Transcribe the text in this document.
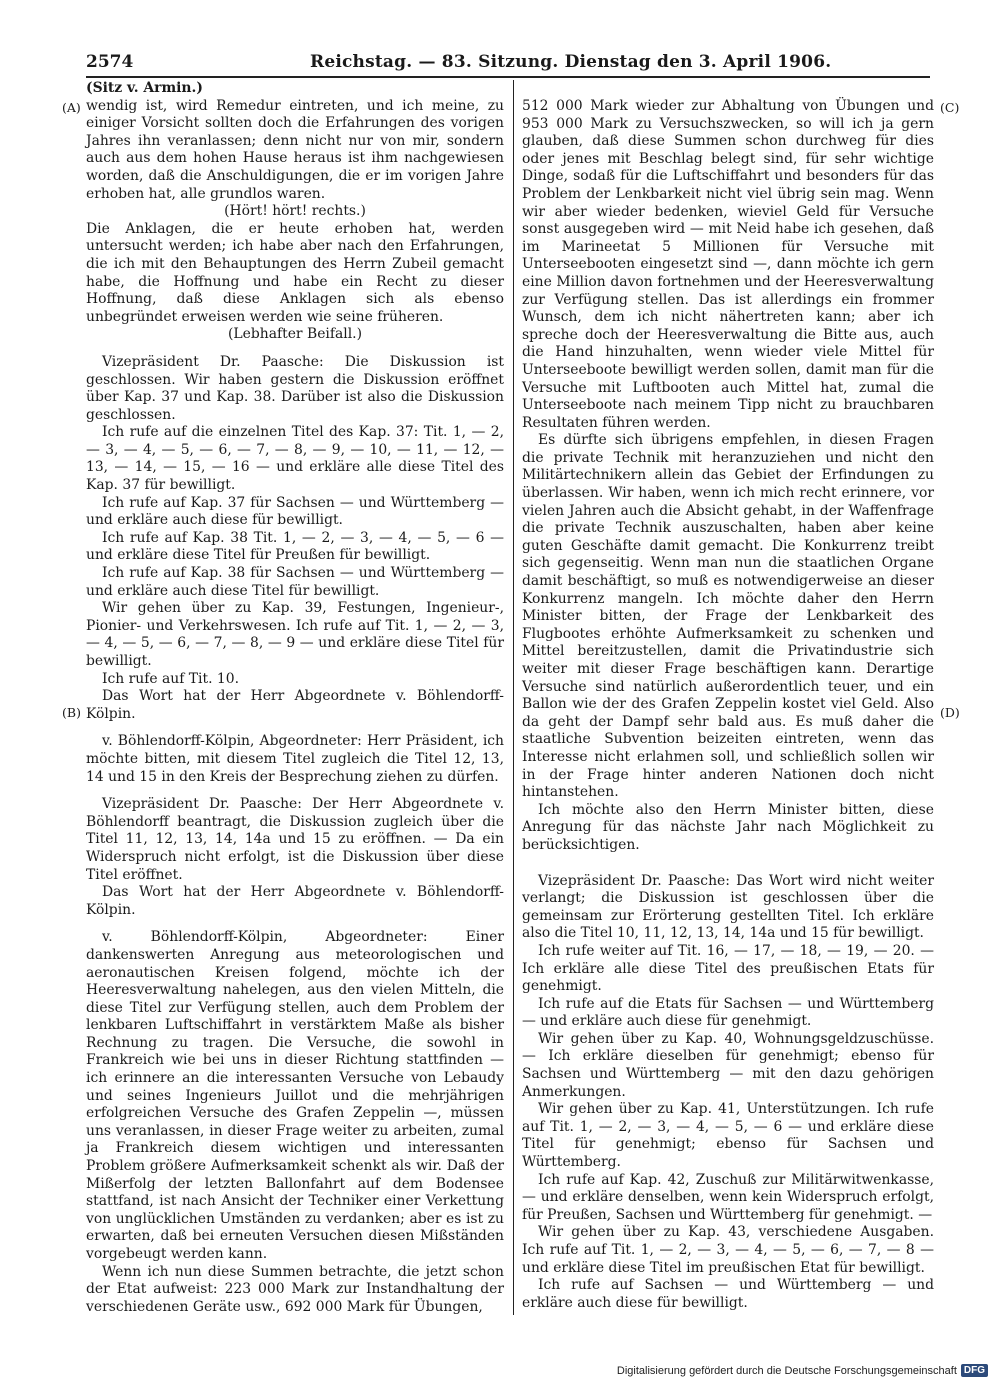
2574	Reichstag. — 83. Sitzung. Dienstag den 3. April 1906.
(A)
(B)
(C)
(D)

(Sitz v. Armin.)

wendig ist, wird Remedur eintreten, und ich meine, zu einiger Vorsicht sollten doch die Erfahrungen des vorigen Jahres ihn veranlassen; denn nicht nur von mir, sondern auch aus dem hohen Hause heraus ist ihm nachgewiesen worden, daß die Anschuldigungen, die er im vorigen Jahre erhoben hat, alle grundlos waren.

(Hört! hört! rechts.)

Die Anklagen, die er heute erhoben hat, werden untersucht werden; ich habe aber nach den Erfahrungen, die ich mit den Behauptungen des Herrn Zubeil gemacht habe, die Hoffnung und habe ein Recht zu dieser Hoffnung, daß diese Anklagen sich als ebenso unbegründet erweisen werden wie seine früheren.

(Lebhafter Beifall.)

Vizepräsident Dr. Paasche: Die Diskussion ist geschlossen. Wir haben gestern die Diskussion eröffnet über Kap. 37 und Kap. 38. Darüber ist also die Diskussion geschlossen.

Ich rufe auf die einzelnen Titel des Kap. 37: Tit. 1, — 2, — 3, — 4, — 5, — 6, — 7, — 8, — 9, — 10, — 11, — 12, — 13, — 14, — 15, — 16 — und erkläre alle diese Titel des Kap. 37 für bewilligt.

Ich rufe auf Kap. 37 für Sachsen — und Württemberg — und erkläre auch diese für bewilligt.

Ich rufe auf Kap. 38 Tit. 1, — 2, — 3, — 4, — 5, — 6 — und erkläre diese Titel für Preußen für bewilligt.

Ich rufe auf Kap. 38 für Sachsen — und Württemberg — und erkläre auch diese Titel für bewilligt.

Wir gehen über zu Kap. 39, Festungen, Ingenieur-, Pionier- und Verkehrswesen. Ich rufe auf Tit. 1, — 2, — 3, — 4, — 5, — 6, — 7, — 8, — 9 — und erkläre diese Titel für bewilligt.

Ich rufe auf Tit. 10.

Das Wort hat der Herr Abgeordnete v. Böhlendorff-Kölpin.

v. Böhlendorff-Kölpin, Abgeordneter: Herr Präsident, ich möchte bitten, mit diesem Titel zugleich die Titel 12, 13, 14 und 15 in den Kreis der Besprechung ziehen zu dürfen.

Vizepräsident Dr. Paasche: Der Herr Abgeordnete v. Böhlendorff beantragt, die Diskussion zugleich über die Titel 11, 12, 13, 14, 14a und 15 zu eröffnen. — Da ein Widerspruch nicht erfolgt, ist die Diskussion über diese Titel eröffnet.

Das Wort hat der Herr Abgeordnete v. Böhlendorff-Kölpin.

v. Böhlendorff-Kölpin, Abgeordneter: Einer dankenswerten Anregung aus meteorologischen und aeronautischen Kreisen folgend, möchte ich der Heeresverwaltung nahelegen, aus den vielen Mitteln, die diese Titel zur Verfügung stellen, auch dem Problem der lenkbaren Luftschiffahrt in verstärktem Maße als bisher Rechnung zu tragen. Die Versuche, die sowohl in Frankreich wie bei uns in dieser Richtung stattfinden — ich erinnere an die interessanten Versuche von Lebaudy und seines Ingenieurs Juillot und die mehrjährigen erfolgreichen Versuche des Grafen Zeppelin —, müssen uns veranlassen, in dieser Frage weiter zu arbeiten, zumal ja Frankreich diesem wichtigen und interessanten Problem größere Aufmerksamkeit schenkt als wir. Daß der Mißerfolg der letzten Ballonfahrt auf dem Bodensee stattfand, ist nach Ansicht der Techniker einer Verkettung von unglücklichen Umständen zu verdanken; aber es ist zu erwarten, daß bei erneuten Versuchen diesen Mißständen vorgebeugt werden kann.

Wenn ich nun diese Summen betrachte, die jetzt schon der Etat aufweist: 223 000 Mark zur Instandhaltung der verschiedenen Geräte usw., 692 000 Mark für Übungen,

512 000 Mark wieder zur Abhaltung von Übungen und 953 000 Mark zu Versuchszwecken, so will ich ja gern glauben, daß diese Summen schon durchweg für dies oder jenes mit Beschlag belegt sind, für sehr wichtige Dinge, sodaß für die Luftschiffahrt und besonders für das Problem der Lenkbarkeit nicht viel übrig sein mag. Wenn wir aber wieder bedenken, wieviel Geld für Versuche sonst ausgegeben wird — mit Neid habe ich gesehen, daß im Marineetat 5 Millionen für Versuche mit Unterseebooten eingesetzt sind —, dann möchte ich gern eine Million davon fortnehmen und der Heeresverwaltung zur Verfügung stellen. Das ist allerdings ein frommer Wunsch, dem ich nicht nähertreten kann; aber ich spreche doch der Heeresverwaltung die Bitte aus, auch die Hand hinzuhalten, wenn wieder viele Mittel für Unterseeboote bewilligt werden sollen, damit man für die Versuche mit Luftbooten auch Mittel hat, zumal die Unterseeboote nach meinem Tipp nicht zu brauchbaren Resultaten führen werden.

Es dürfte sich übrigens empfehlen, in diesen Fragen die private Technik mit heranzuziehen und nicht den Militärtechnikern allein das Gebiet der Erfindungen zu überlassen. Wir haben, wenn ich mich recht erinnere, vor vielen Jahren auch die Absicht gehabt, in der Waffenfrage die private Technik auszuschalten, haben aber keine guten Geschäfte damit gemacht. Die Konkurrenz treibt sich gegenseitig. Wenn man nun die staatlichen Organe damit beschäftigt, so muß es notwendigerweise an dieser Konkurrenz mangeln. Ich möchte daher den Herrn Minister bitten, der Frage der Lenkbarkeit des Flugbootes erhöhte Aufmerksamkeit zu schenken und Mittel bereitzustellen, damit die Privatindustrie sich weiter mit dieser Frage beschäftigen kann. Derartige Versuche sind natürlich außerordentlich teuer, und ein Ballon wie der des Grafen Zeppelin kostet viel Geld. Also da geht der Dampf sehr bald aus. Es muß daher die staatliche Subvention beizeiten eintreten, wenn das Interesse nicht erlahmen soll, und schließlich sollen wir in der Frage hinter anderen Nationen doch nicht hintanstehen.

Ich möchte also den Herrn Minister bitten, diese Anregung für das nächste Jahr nach Möglichkeit zu berücksichtigen.

Vizepräsident Dr. Paasche: Das Wort wird nicht weiter verlangt; die Diskussion ist geschlossen über die gemeinsam zur Erörterung gestellten Titel. Ich erkläre also die Titel 10, 11, 12, 13, 14, 14a und 15 für bewilligt.

Ich rufe weiter auf Tit. 16, — 17, — 18, — 19, — 20. — Ich erkläre alle diese Titel des preußischen Etats für genehmigt.

Ich rufe auf die Etats für Sachsen — und Württemberg — und erkläre auch diese für genehmigt.

Wir gehen über zu Kap. 40, Wohnungsgeldzuschüsse. — Ich erkläre dieselben für genehmigt; ebenso für Sachsen und Württemberg — mit den dazu gehörigen Anmerkungen.

Wir gehen über zu Kap. 41, Unterstützungen. Ich rufe auf Tit. 1, — 2, — 3, — 4, — 5, — 6 — und erkläre diese Titel für genehmigt; ebenso für Sachsen und Württemberg.

Ich rufe auf Kap. 42, Zuschuß zur Militärwitwenkasse, — und erkläre denselben, wenn kein Widerspruch erfolgt, für Preußen, Sachsen und Württemberg für genehmigt. —

Wir gehen über zu Kap. 43, verschiedene Ausgaben. Ich rufe auf Tit. 1, — 2, — 3, — 4, — 5, — 6, — 7, — 8 — und erkläre diese Titel im preußischen Etat für bewilligt.

Ich rufe auf Sachsen — und Württemberg — und erkläre auch diese für bewilligt.

Digitalisierung gefördert durch die Deutsche Forschungsgemeinschaft DFG
